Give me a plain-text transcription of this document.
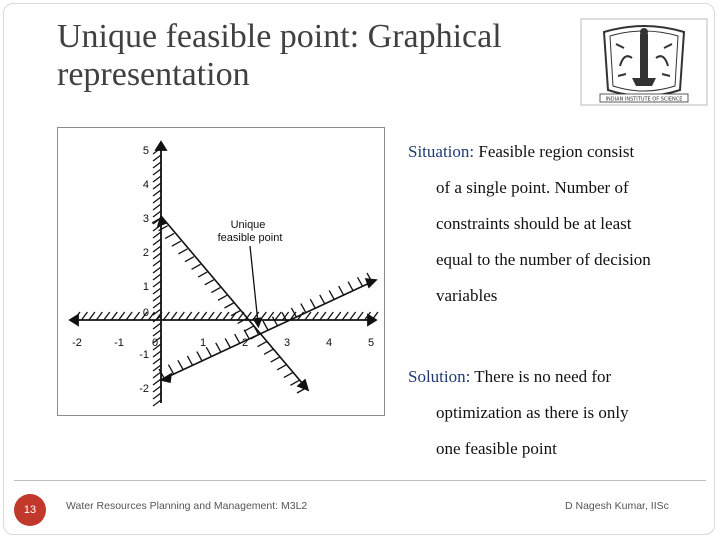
Unique feasible point: Graphical
representation
INDIAN INSTITUTE OF SCIENCE
-2	-1	0	1	2	3	4	5
5
4
3
2
1
-1
-2
0
Unique
feasible point
Situation: Feasible region consist
of a single point. Number of
constraints should be at least
equal to the number of decision
variables
Solution: There is no need for
optimization as there is only
one feasible point
13	Water Resources Planning and Management: M3L2	D Nagesh Kumar, IISc
